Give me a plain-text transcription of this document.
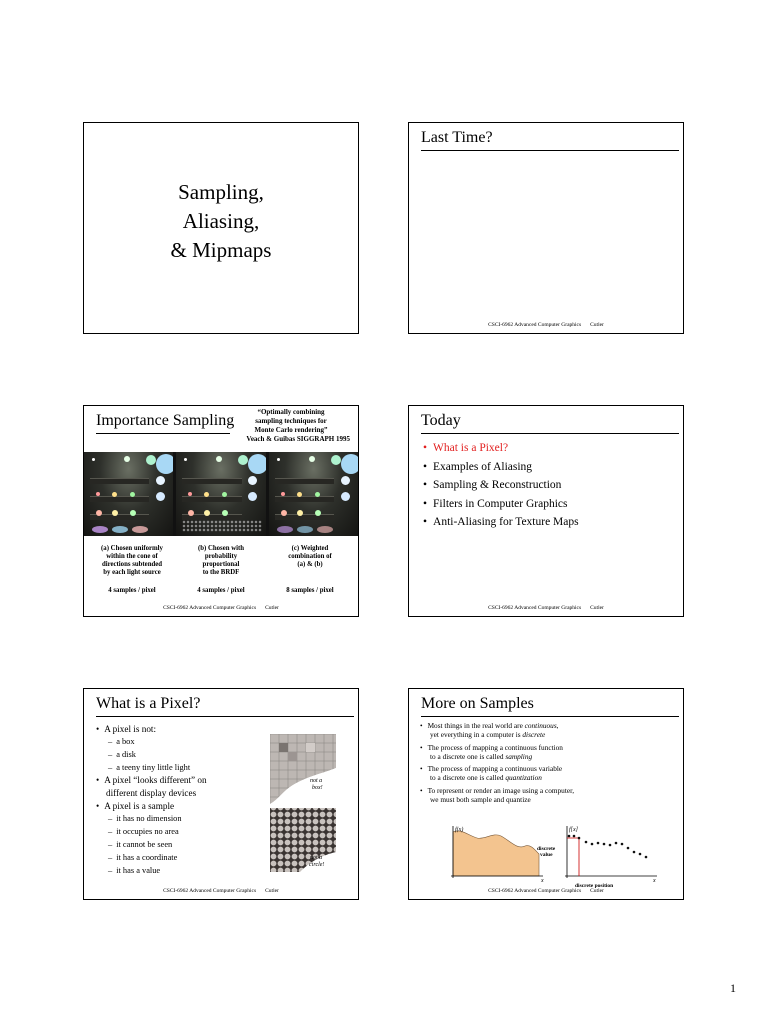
Sampling,
Aliasing,
& Mipmaps
Last Time?
CSCI-6962 Advanced Computer Graphics Cutler
Importance Sampling	“Optimally combining
sampling techniques for
Monte Carlo rendering”
Veach & Guibas SIGGRAPH 1995
(a) Chosen uniformly
within the cone of
directions subtended
by each light source
(b) Chosen with
probability
proportional
to the BRDF
(c) Weighted
combination of
(a) & (b)
4 samples / pixel	4 samples / pixel	8 samples / pixel
CSCI-6962 Advanced Computer Graphics Cutler
Today
• What is a Pixel?
• Examples of Aliasing
• Sampling & Reconstruction
• Filters in Computer Graphics
• Anti-Aliasing for Texture Maps
CSCI-6962 Advanced Computer Graphics Cutler
What is a Pixel?
• A pixel is not:
– a box
– a disk
– a teeny tiny little light
• A pixel “looks different” on
different display devices
• A pixel is a sample
– it has no dimension
– it occupies no area
– it cannot be seen
– it has a coordinate
– it has a value
not a
box!
not a
circle!
CSCI-6962 Advanced Computer Graphics Cutler
More on Samples
• Most things in the real world are continuous,
yet everything in a computer is discrete
• The process of mapping a continuous function
to a discrete one is called sampling
• The process of mapping a continuous variable
to a discrete one is called quantization
• To represent or render an image using a computer,
we must both sample and quantize
f(x)
x
discrete
value
f[x]
x
discrete position
CSCI-6962 Advanced Computer Graphics Cutler
1
